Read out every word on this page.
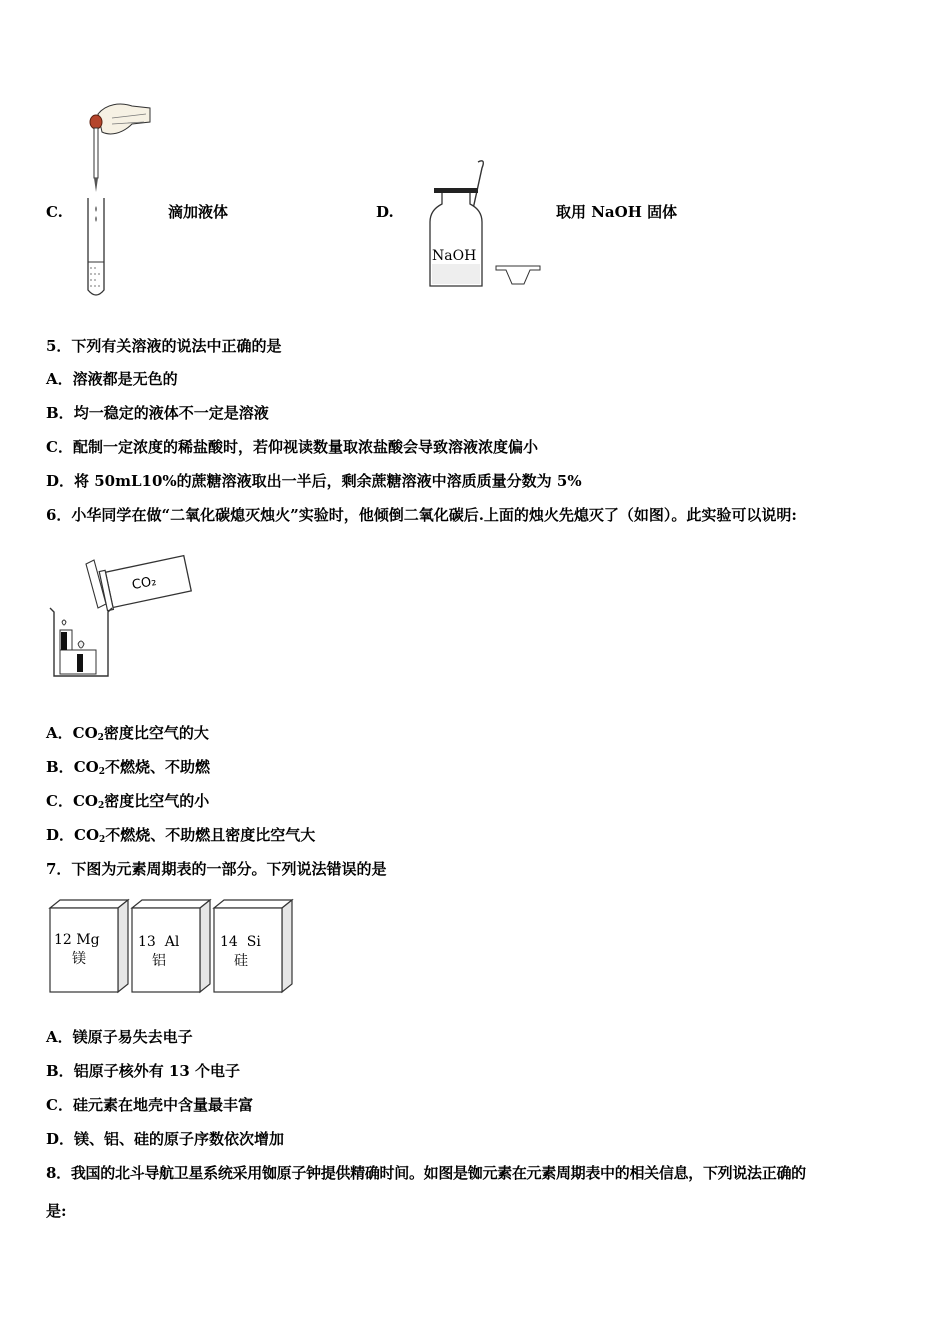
C.	滴加液体	D.
NaOH
取用 NaOH 固体
5．下列有关溶液的说法中正确的是
A．溶液都是无色的
B．均一稳定的液体不一定是溶液
C．配制一定浓度的稀盐酸时，若仰视读数量取浓盐酸会导致溶液浓度偏小
D．将 50mL10%的蔗糖溶液取出一半后，剩余蔗糖溶液中溶质质量分数为 5%
6．小华同学在做“二氧化碳熄灭烛火”实验时，他倾倒二氧化碳后.上面的烛火先熄灭了（如图）。此实验可以说明:
CO₂
A．$CO_2$密度比空气的大
B．$CO_2$不燃烧、不助燃
C．$CO_2$密度比空气的小
D．$CO_2$不燃烧、不助燃且密度比空气大
7．下图为元素周期表的一部分。下列说法错误的是
12 Mg
镁
13 Al
铝
14 Si
硅
A．镁原子易失去电子
B．铝原子核外有 13 个电子
C．硅元素在地壳中含量最丰富
D．镁、铝、硅的原子序数依次增加
8．我国的北斗导航卫星系统采用铷原子钟提供精确时间。如图是铷元素在元素周期表中的相关信息，下列说法正确的
是:
